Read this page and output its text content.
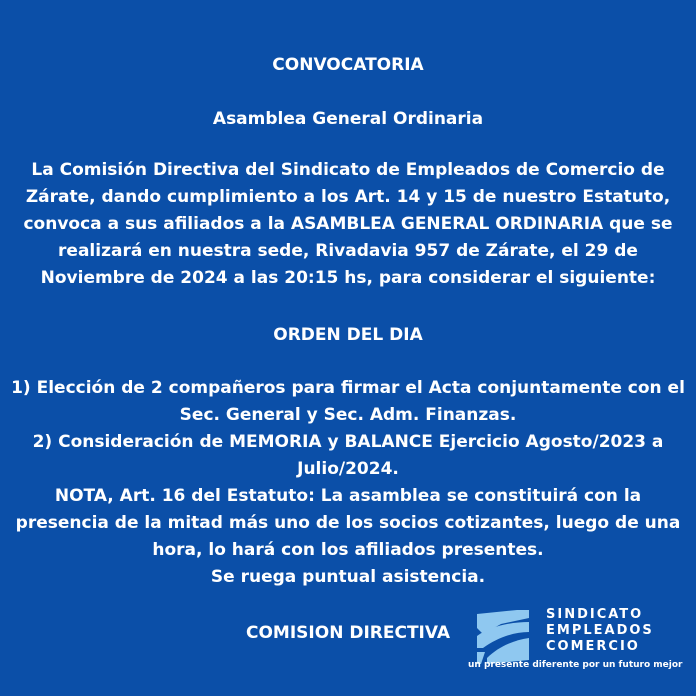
CONVOCATORIA
Asamblea General Ordinaria
La Comisión Directiva del Sindicato de Empleados de Comercio de
Zárate, dando cumplimiento a los Art. 14 y 15 de nuestro Estatuto,
convoca a sus afiliados a la ASAMBLEA GENERAL ORDINARIA que se
realizará en nuestra sede, Rivadavia 957 de Zárate, el 29 de
Noviembre de 2024 a las 20:15 hs, para considerar el siguiente:
ORDEN DEL DIA
1) Elección de 2 compañeros para firmar el Acta conjuntamente con el
Sec. General y Sec. Adm. Finanzas.
2) Consideración de MEMORIA y BALANCE Ejercicio Agosto/2023 a
Julio/2024.
NOTA, Art. 16 del Estatuto: La asamblea se constituirá con la
presencia de la mitad más uno de los socios cotizantes, luego de una
hora, lo hará con los afiliados presentes.
Se ruega puntual asistencia.
COMISION DIRECTIVA
SINDICATO
EMPLEADOS
COMERCIO
un presente diferente por un futuro mejor
